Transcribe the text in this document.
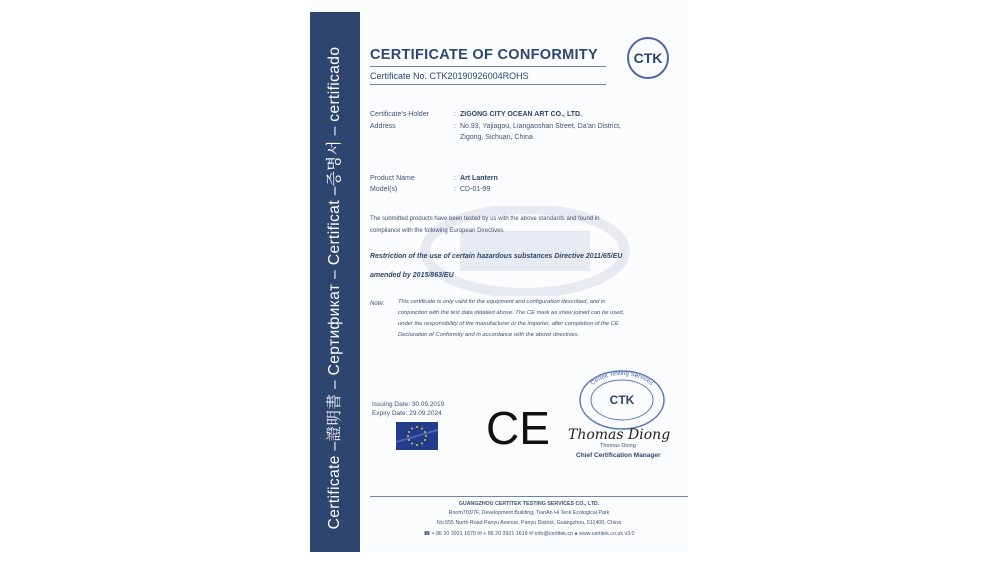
Certificate –證明書 – Сертификат – Certificat –증명서 – certificado CERTIFICATE OF CONFORMITY
Certificate No. CTK20190926004ROHS
CTK
Certificate's Holder	: ZIGONG CITY OCEAN ART CO., LTD.
Address	: No.93, Yajiagou, Liangaoshan Street, Da'an District,
Zigong, Sichuan, China
Product Name	: Art Lantern
Model(s)	: CD-01-99
The submitted products have been tested by us with the above standards and found in
compliance with the following European Directives
Restriction of the use of certain hazardous substances Directive 2011/65/EU
amended by 2015/863/EU
Note: This certificate is only valid for the equipment and configuration described, and in
conjunction with the test data detailed above. The CE mark as show joined can be used,
under the responsibility of the manufacturer or the importer, after completion of the CE
Declaration of Conformity and in accordance with the above directives.
Issuing Date: 30.09.2019
Expiry Date: 29.09.2024 CE
Certek Testing Services
CTK
Thomas Diong
Thomas Diong
Chief Certification Manager
GUANGZHOU CERTITEK TESTING SERVICES CO., LTD.
Room703/7F, Development Building, TianAn Hi Teck Ecological Park
No.555 North Road Panyu Avenue, Panyu District, Guangzhou, 511400, China
☎ + 86 20 3921 1670 ✉ + 86 20 3921 1619 ✉ info@certitek.cn ● www.certitek.co.uk v3.0
